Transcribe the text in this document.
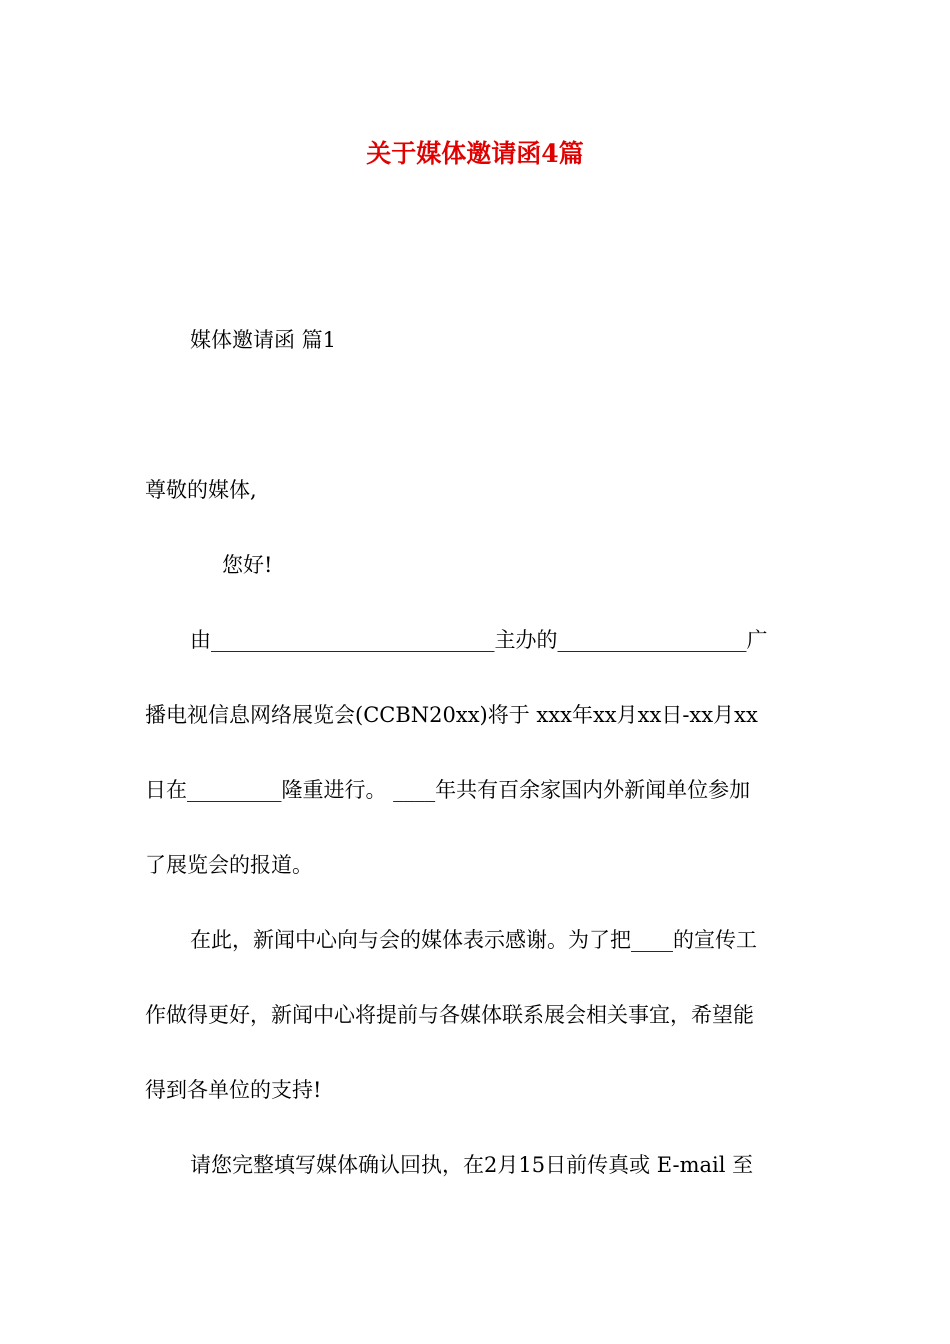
关于媒体邀请函4篇
媒体邀请函 篇1
尊敬的媒体,
您好!
由___________________________主办的__________________广
播电视信息网络展览会(CCBN20xx)将于 xxx年xx月xx日-xx月xx
日在_________隆重进行。 ____年共有百余家国内外新闻单位参加
了展览会的报道。
在此，新闻中心向与会的媒体表示感谢。为了把____的宣传工
作做得更好，新闻中心将提前与各媒体联系展会相关事宜，希望能
得到各单位的支持!
请您完整填写媒体确认回执，在2月15日前传真或 E-mail 至
